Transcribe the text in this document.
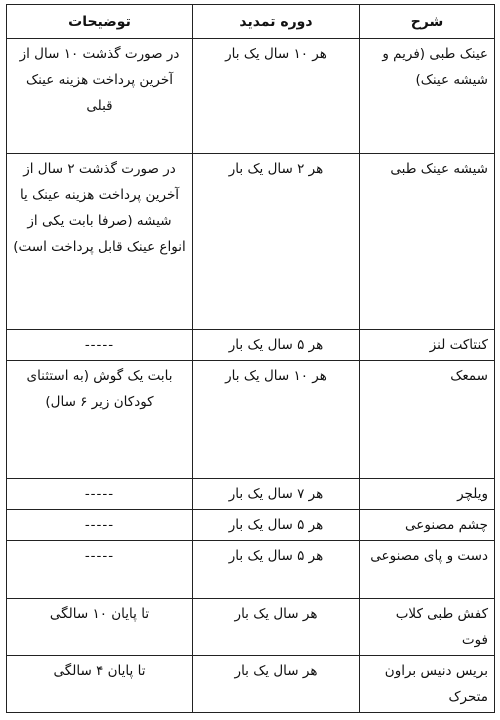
شرح	دوره تمدید	توضیحات
عینک طبی (فریم و شیشه عینک)	هر ۱۰ سال یک بار	در صورت گذشت ۱۰ سال از آخرین پرداخت هزینه عینک قبلی
شیشه عینک طبی	هر ۲ سال یک بار	در صورت گذشت ۲ سال از آخرین پرداخت هزینه عینک یا شیشه (صرفا بابت یکی از انواع عینک قابل پرداخت است)
کنتاکت لنز	هر ۵ سال یک بار	-----
سمعک	هر ۱۰ سال یک بار	بابت یک گوش (به استثنای کودکان زیر ۶ سال)
ویلچر	هر ۷ سال یک بار	-----
چشم مصنوعی	هر ۵ سال یک بار	-----
دست و پای مصنوعی	هر ۵ سال یک بار	-----
کفش طبی کلاب فوت	هر سال یک بار	تا پایان ۱۰ سالگی
بریس دنیس براون متحرک	هر سال یک بار	تا پایان ۴ سالگی
